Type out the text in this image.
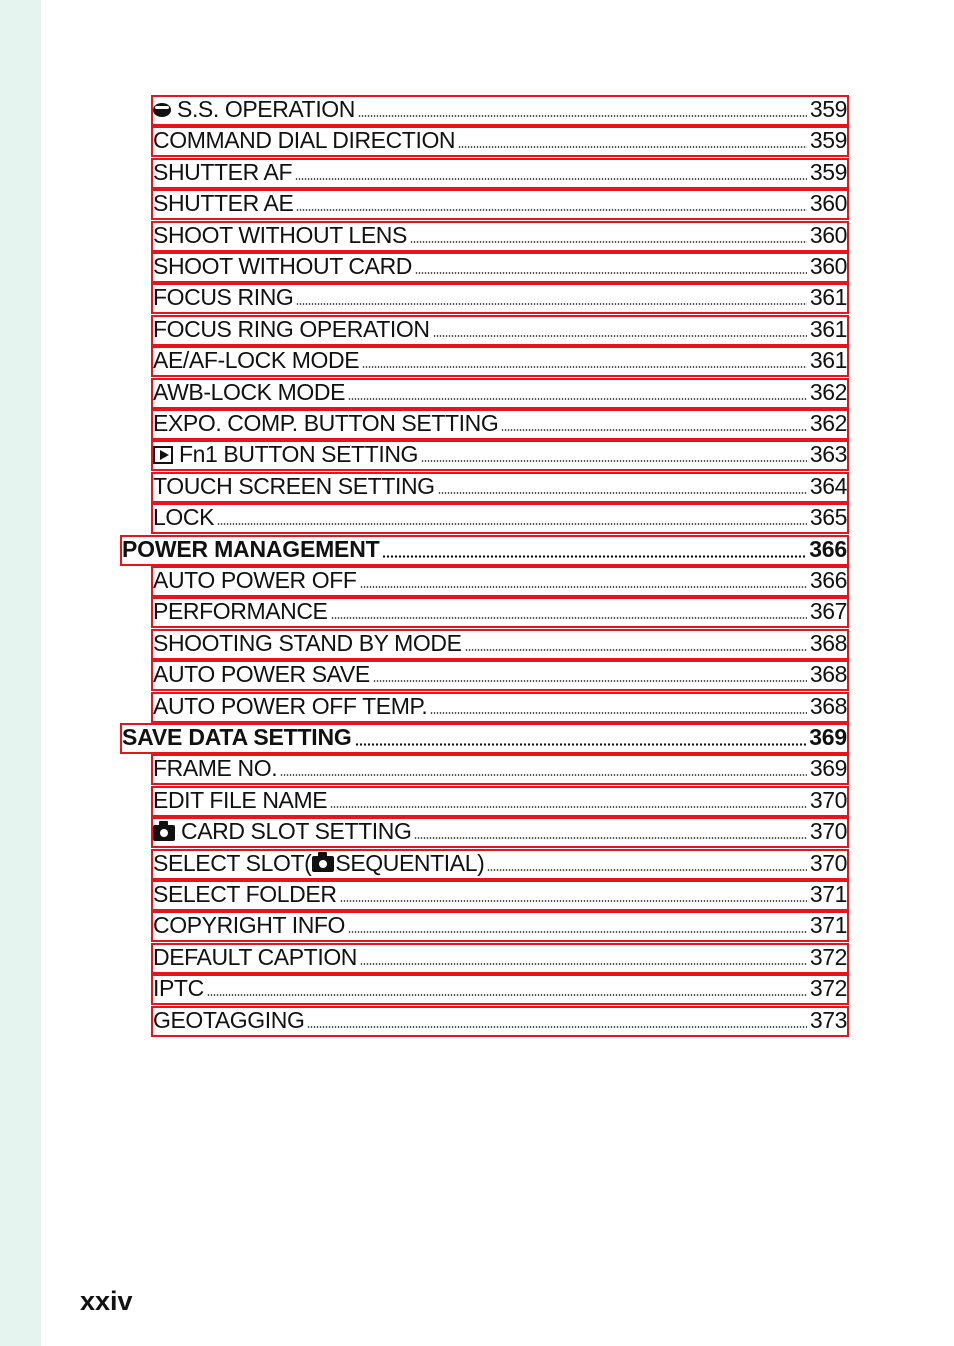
S.S. OPERATION	359
COMMAND DIAL DIRECTION	359
SHUTTER AF	359
SHUTTER AE	360
SHOOT WITHOUT LENS	360
SHOOT WITHOUT CARD	360
FOCUS RING	361
FOCUS RING OPERATION	361
AE/AF-LOCK MODE	361
AWB-LOCK MODE	362
EXPO. COMP. BUTTON SETTING	362
Fn1 BUTTON SETTING	363
TOUCH SCREEN SETTING	364
LOCK	365
POWER MANAGEMENT	366
AUTO POWER OFF	366
PERFORMANCE	367
SHOOTING STAND BY MODE	368
AUTO POWER SAVE	368
AUTO POWER OFF TEMP.	368
SAVE DATA SETTING	369
FRAME NO.	369
EDIT FILE NAME	370
CARD SLOT SETTING	370
SELECT SLOT( SEQUENTIAL)	370
SELECT FOLDER	371
COPYRIGHT INFO	371
DEFAULT CAPTION	372
IPTC	372
GEOTAGGING	373
xxiv
